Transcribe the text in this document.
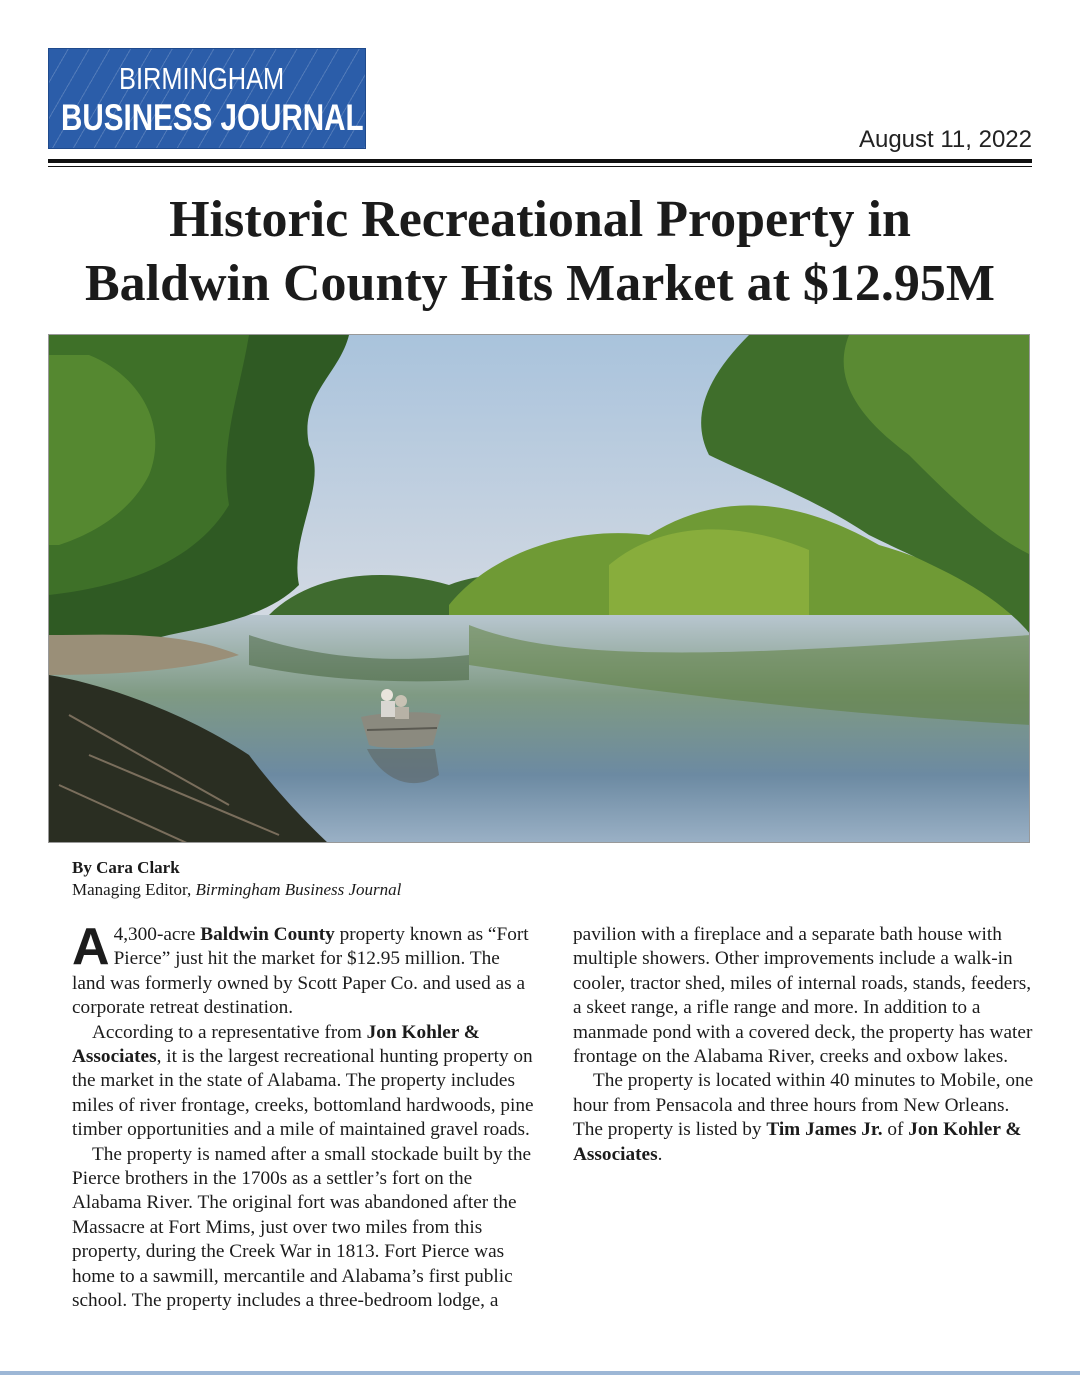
BIRMINGHAM
BUSINESS JOURNAL
August 11, 2022
Historic Recreational Property in
Baldwin County Hits Market at $12.95M
By Cara Clark
Managing Editor, Birmingham Business Journal

A 4,300-acre Baldwin County property known as “Fort Pierce” just hit the market for $12.95 million. The land was formerly owned by Scott Paper Co. and used as a corporate retreat destination.

According to a representative from Jon Kohler & Associates, it is the largest recreational hunting property on the market in the state of Alabama. The property includes miles of river frontage, creeks, bottomland hardwoods, pine timber opportunities and a mile of maintained gravel roads.

The property is named after a small stockade built by the Pierce brothers in the 1700s as a settler’s fort on the Alabama River. The original fort was abandoned after the Massacre at Fort Mims, just over two miles from this property, during the Creek War in 1813. Fort Pierce was home to a sawmill, mercantile and Alabama’s first public school. The property includes a three-bedroom lodge, a

pavilion with a fireplace and a separate bath house with multiple showers. Other improvements include a walk-in cooler, tractor shed, miles of internal roads, stands, feeders, a skeet range, a rifle range and more. In addition to a manmade pond with a covered deck, the property has water frontage on the Alabama River, creeks and oxbow lakes.

The property is located within 40 minutes to Mobile, one hour from Pensacola and three hours from New Orleans. The property is listed by Tim James Jr. of Jon Kohler & Associates.
